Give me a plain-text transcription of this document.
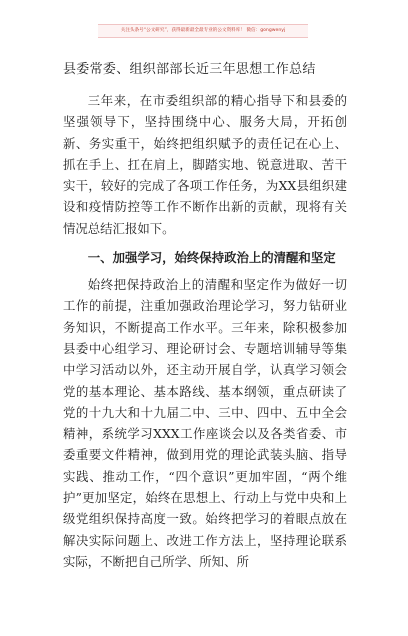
关注头条号“公文研究”，获得最新最全最专业的公文资料库！ 微信：gongwenyj
县委常委、组织部部长近三年思想工作总结

三年来，在市委组织部的精心指导下和县委的坚强领导下，坚持围绕中心、服务大局，开拓创新、务实重干，始终把组织赋予的责任记在心上、抓在手上、扛在肩上，脚踏实地、锐意进取、苦干实干，较好的完成了各项工作任务，为XX县组织建设和疫情防控等工作不断作出新的贡献，现将有关情况总结汇报如下。

一、加强学习，始终保持政治上的清醒和坚定

始终把保持政治上的清醒和坚定作为做好一切工作的前提，注重加强政治理论学习，努力钻研业务知识，不断提高工作水平。三年来，除积极参加县委中心组学习、理论研讨会、专题培训辅导等集中学习活动以外，还主动开展自学，认真学习领会党的基本理论、基本路线、基本纲领，重点研读了党的十九大和十九届二中、三中、四中、五中全会精神，系统学习XXX工作座谈会以及各类省委、市委重要文件精神，做到用党的理论武装头脑、指导实践、推动工作，“四个意识”更加牢固，“两个维护”更加坚定，始终在思想上、行动上与党中央和上级党组织保持高度一致。始终把学习的着眼点放在解决实际问题上、改进工作方法上，坚持理论联系实际，不断把自己所学、所知、所
